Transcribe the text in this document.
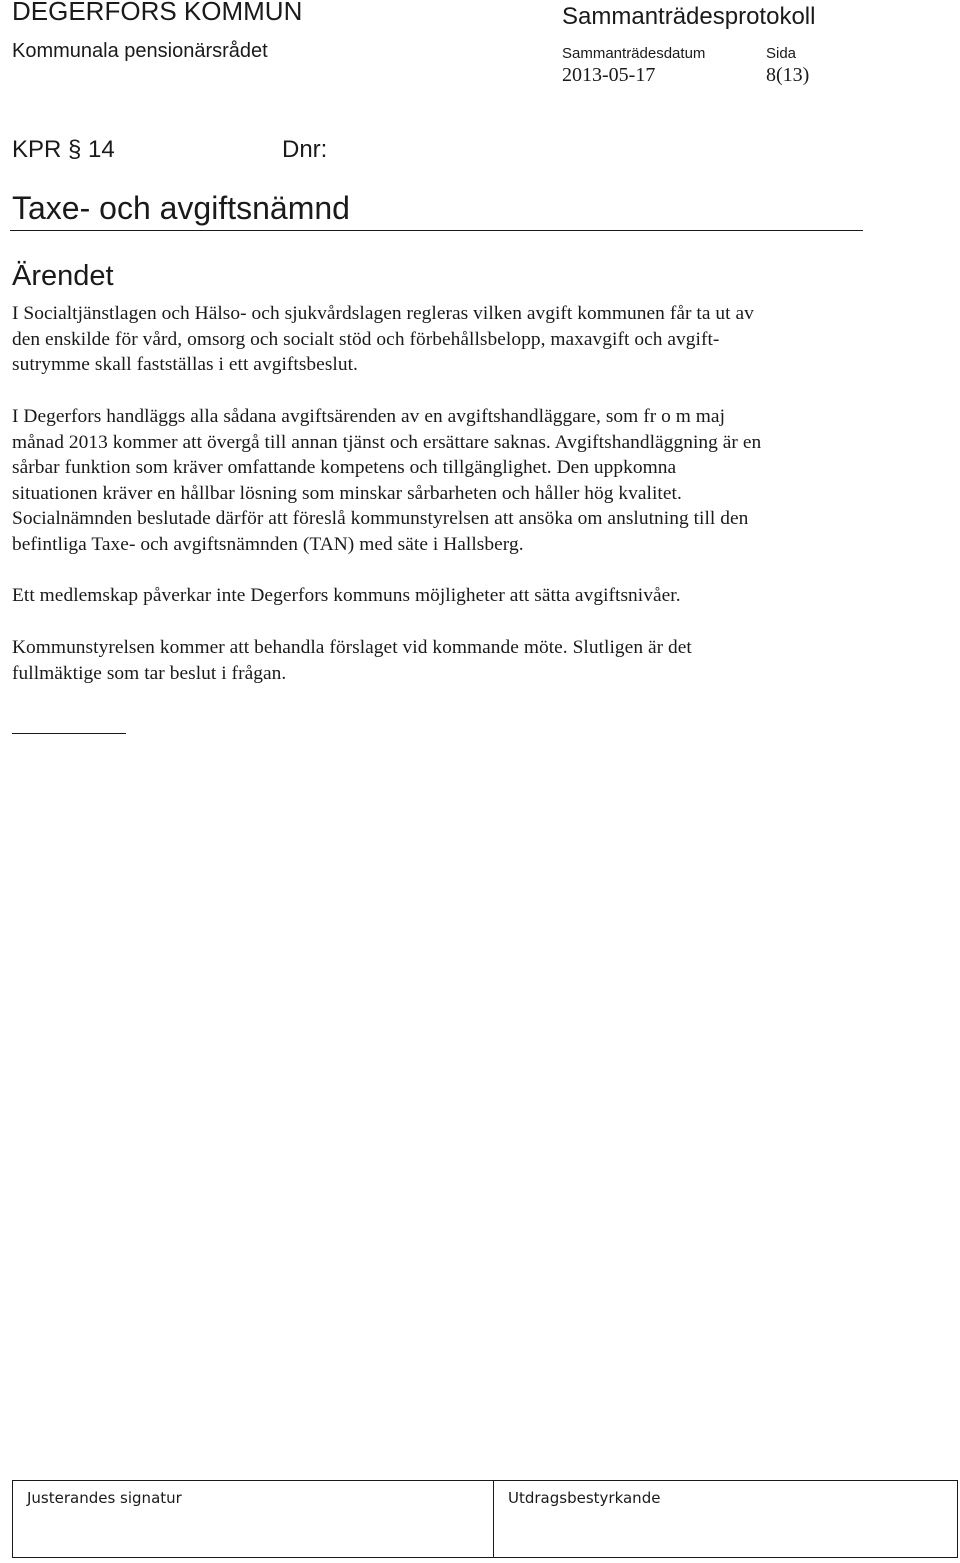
DEGERFORS KOMMUN
Kommunala pensionärsrådet
Sammanträdesprotokoll
Sammanträdesdatum	Sida
2013-05-17	8(13)
KPR § 14	Dnr:
Taxe- och avgiftsnämnd
Ärendet

I Socialtjänstlagen och Hälso- och sjukvårdslagen regleras vilken avgift kommunen får ta ut av

den enskilde för vård, omsorg och socialt stöd och förbehållsbelopp, maxavgift och avgift-

sutrymme skall fastställas i ett avgiftsbeslut.

I Degerfors handläggs alla sådana avgiftsärenden av en avgiftshandläggare, som fr o m maj

månad 2013 kommer att övergå till annan tjänst och ersättare saknas. Avgiftshandläggning är en

sårbar funktion som kräver omfattande kompetens och tillgänglighet. Den uppkomna

situationen kräver en hållbar lösning som minskar sårbarheten och håller hög kvalitet.

Socialnämnden beslutade därför att föreslå kommunstyrelsen att ansöka om anslutning till den

befintliga Taxe- och avgiftsnämnden (TAN) med säte i Hallsberg.

Ett medlemskap påverkar inte Degerfors kommuns möjligheter att sätta avgiftsnivåer.

Kommunstyrelsen kommer att behandla förslaget vid kommande möte. Slutligen är det

fullmäktige som tar beslut i frågan.

Justerandes signatur	Utdragsbestyrkande
